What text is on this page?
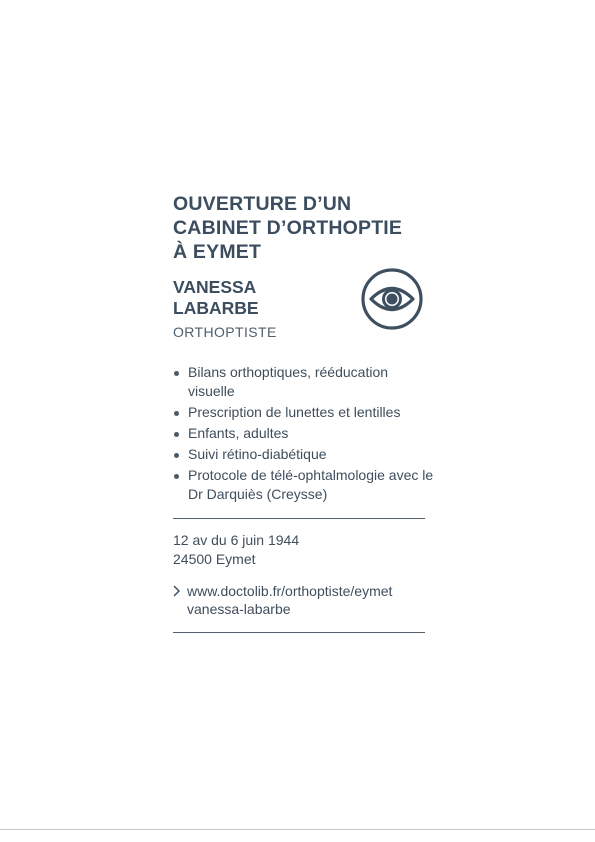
OUVERTURE D’UN
CABINET D’ORTHOPTIE
À EYMET
VANESSA
LABARBE
ORTHOPTISTE
Bilans orthoptiques, rééducation visuelle
Prescription de lunettes et lentilles
Enfants, adultes
Suivi rétino-diabétique
Protocole de télé-ophtalmologie avec le Dr Darquiès (Creysse)
12 av du 6 juin 1944
24500 Eymet
www.doctolib.fr/orthoptiste/eymet
vanessa-labarbe
